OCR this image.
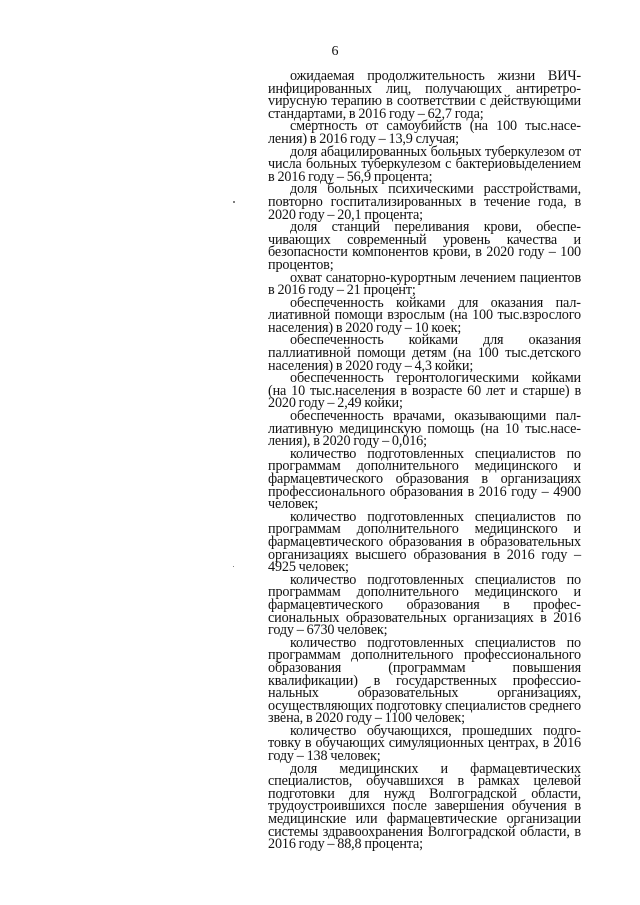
6

ожидаемая продолжительность жизни ВИЧ-инфицированных лиц, получающих антиретроvирусную терапию в соответствии с действующими стандартами, в 2016 году – 62,7 года;

смертность от самоубийств (на 100 тыс.населения) в 2016 году – 13,9 случая;

доля абацилированных больных туберкулезом от числа больных туберкулезом с бактериовыделением в 2016 году – 56,9 процента;

доля больных психическими расстройствами, повторно госпитализированных в течение года, в 2020 году – 20,1 процента;

доля станций переливания крови, обеспечивающих современный уровень качества и безопасности компонентов крови, в 2020 году – 100 процентов;

охват санаторно-курортным лечением пациентов в 2016 году – 21 процент;

обеспеченность койками для оказания паллиативной помощи взрослым (на 100 тыс.взрослого населения) в 2020 году – 10 коек;

обеспеченность койками для оказания паллиативной помощи детям (на 100 тыс.детского населения) в 2020 году – 4,3 койки;

обеспеченность геронтологическими койками (на 10 тыс.населения в возрасте 60 лет и старше) в 2020 году – 2,49 койки;

обеспеченность врачами, оказывающими паллиативную медицинскую помощь (на 10 тыс.населения), в 2020 году – 0,016;

количество подготовленных специалистов по программам дополнительного медицинского и фармацевтического образования в организациях профессионального образования в 2016 году – 4900 человек;

количество подготовленных специалистов по программам дополнительного медицинского и фармацевтического образования в образовательных организациях высшего образования в 2016 году – 4925 человек;

количество подготовленных специалистов по программам дополнительного медицинского и фармацевтического образования в профессиональных образовательных организациях в 2016 году – 6730 человек;

количество подготовленных специалистов по программам дополнительного профессионального образования (программам повышения квалификации) в государственных профессиональных образовательных организациях, осуществляющих подготовку специалистов среднего звена, в 2020 году – 1100 человек;

количество обучающихся, прошедших подготовку в обучающих симуляционных центрах, в 2016 году – 138 человек;

доля медицинских и фармацевтических специалистов, обучавшихся в рамках целевой подготовки для нужд Волгоградской области, трудоустроившихся после завершения обучения в медицинские или фармацевтические организации системы здравоохранения Волгоградской области, в 2016 году – 88,8 процента;
